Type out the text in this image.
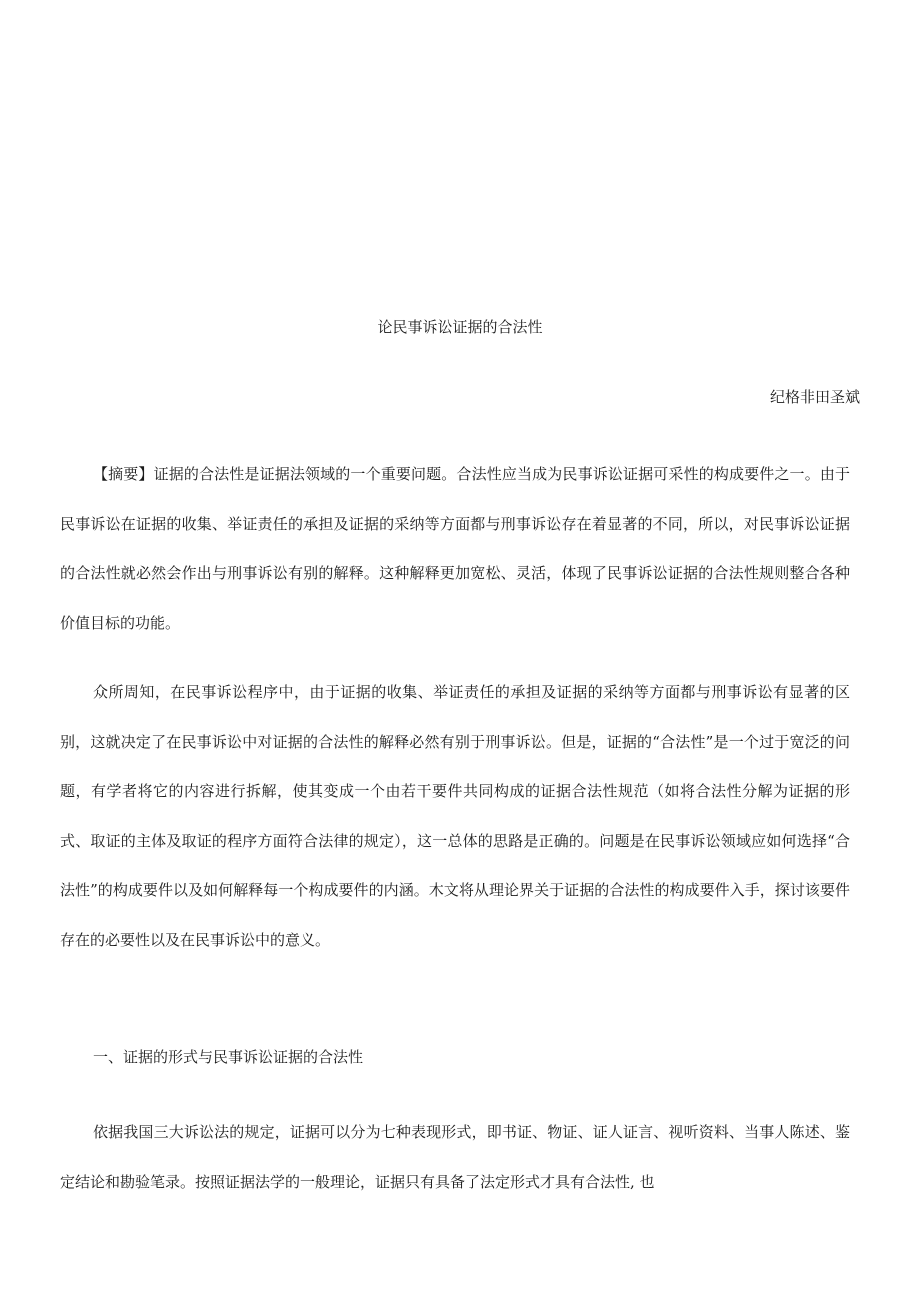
论民事诉讼证据的合法性
纪格非田圣斌

【摘要】证据的合法性是证据法领域的一个重要问题。合法性应当成为民事诉讼证据可采性的构成要件之一。由于民事诉讼在证据的收集、举证责任的承担及证据的采纳等方面都与刑事诉讼存在着显著的不同，所以，对民事诉讼证据的合法性就必然会作出与刑事诉讼有别的解释。这种解释更加宽松、灵活，体现了民事诉讼证据的合法性规则整合各种价值目标的功能。

众所周知，在民事诉讼程序中，由于证据的收集、举证责任的承担及证据的采纳等方面都与刑事诉讼有显著的区别，这就决定了在民事诉讼中对证据的合法性的解释必然有别于刑事诉讼。但是，证据的“合法性”是一个过于宽泛的问题，有学者将它的内容进行拆解，使其变成一个由若干要件共同构成的证据合法性规范（如将合法性分解为证据的形式、取证的主体及取证的程序方面符合法律的规定），这一总体的思路是正确的。问题是在民事诉讼领域应如何选择“合法性”的构成要件以及如何解释每一个构成要件的内涵。木文将从理论界关于证据的合法性的构成要件入手，探讨该要件存在的必要性以及在民事诉讼中的意义。

一、证据的形式与民事诉讼证据的合法性

依据我国三大诉讼法的规定，证据可以分为七种表现形式，即书证、物证、证人证言、视听资料、当事人陈述、鉴定结论和勘验笔录。按照证据法学的一般理论，证据只有具备了法定形式才具有合法性, 也
